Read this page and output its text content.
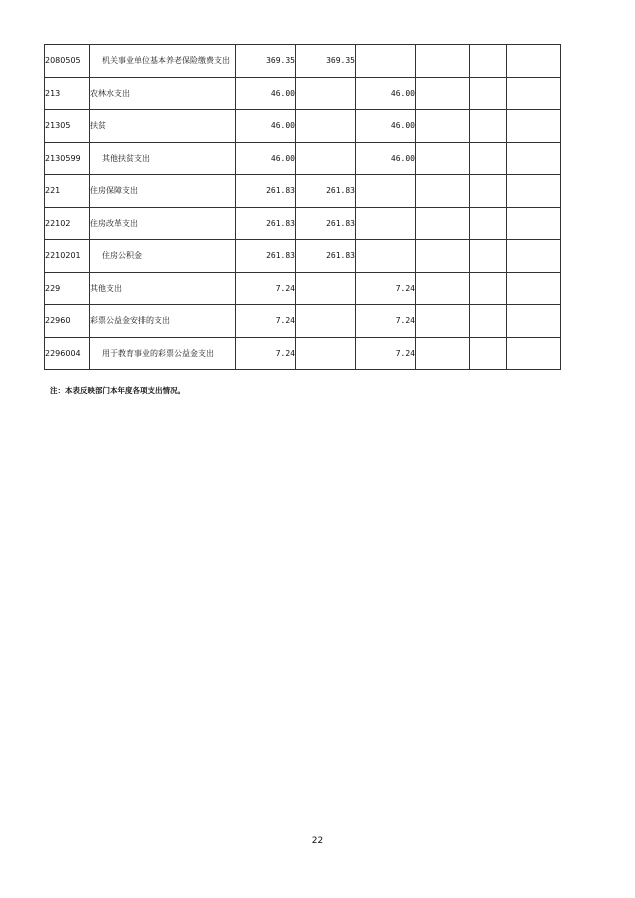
2080505	机关事业单位基本养老保险缴费支出	369.35	369.35				
213	农林水支出	46.00		46.00			
21305	扶贫	46.00		46.00			
2130599	其他扶贫支出	46.00		46.00			
221	住房保障支出	261.83	261.83				
22102	住房改革支出	261.83	261.83				
2210201	住房公积金	261.83	261.83				
229	其他支出	7.24		7.24			
22960	彩票公益金安排的支出	7.24		7.24			
2296004	用于教育事业的彩票公益金支出	7.24		7.24			
注：本表反映部门本年度各项支出情况。
22
